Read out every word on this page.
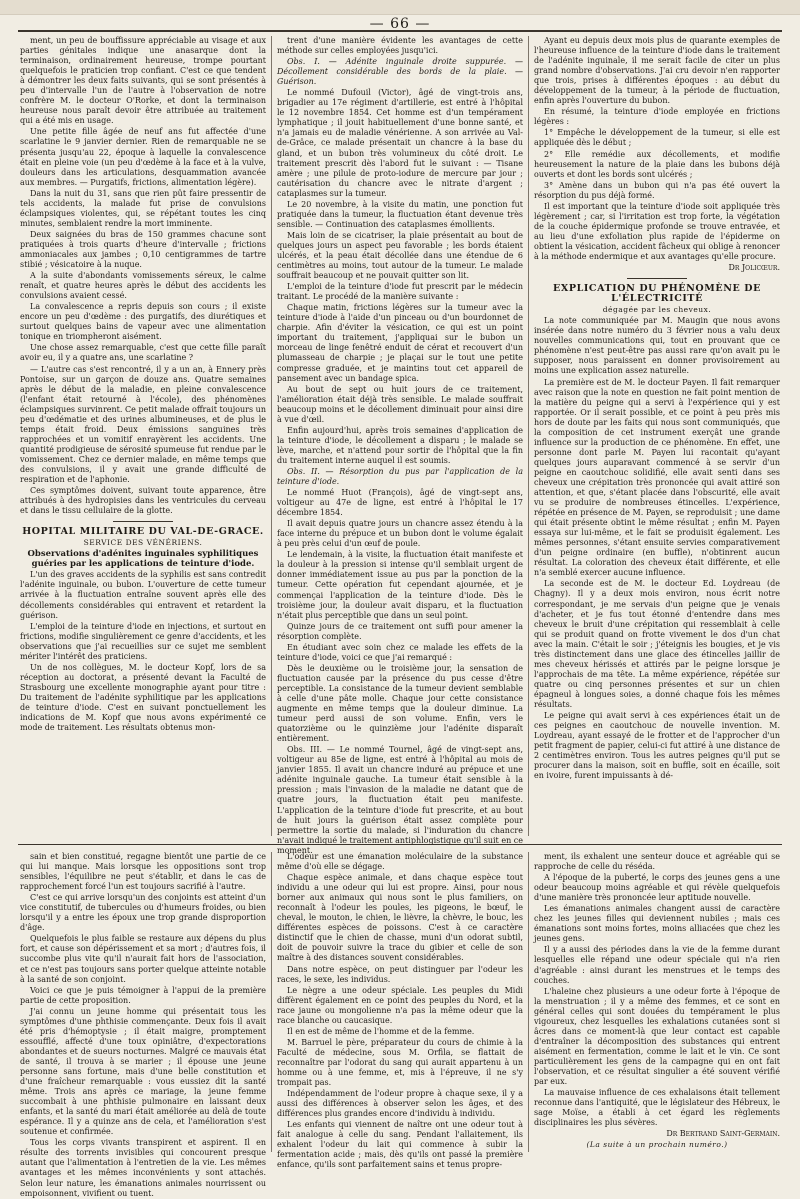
— 66 —

ment, un peu de bouffissure appréciable au visage et aux parties génitales indique une anasarque dont la terminaison, ordinairement heureuse, trompe pourtant quelquefois le praticien trop confiant. C'est ce que tendent à démontrer les deux faits suivants, qui se sont présentés à peu d'intervalle l'un de l'autre à l'observation de notre confrère M. le docteur O'Rorke, et dont la terminaison heureuse nous paraît devoir être attribuée au traitement qui a été mis en usage.

Une petite fille âgée de neuf ans fut affectée d'une scarlatine le 9 janvier dernier. Rien de remarquable ne se présenta jusqu'au 22, époque à laquelle la convalescence était en pleine voie (un peu d'œdème à la face et à la vulve, douleurs dans les articulations, desquammation avancée aux membres. — Purgatifs, frictions, alimentation légère).

Dans la nuit du 31, sans que rien pût faire pressentir de tels accidents, la malade fut prise de convulsions éclampsiques violentes, qui, se répétant toutes les cinq minutes, semblaient rendre la mort imminente.

Deux saignées du bras de 150 grammes chacune sont pratiquées à trois quarts d'heure d'intervalle ; frictions ammoniacales aux jambes ; 0,10 centigrammes de tartre stibié ; vésicatoire à la nuque.

A la suite d'abondants vomissements séreux, le calme renaît, et quatre heures après le début des accidents les convulsions avaient cessé.

La convalescence a repris depuis son cours ; il existe encore un peu d'œdème : des purgatifs, des diurétiques et surtout quelques bains de vapeur avec une alimentation tonique en triompheront aisément.

Une chose assez remarquable, c'est que cette fille paraît avoir eu, il y a quatre ans, une scarlatine ?

— L'autre cas s'est rencontré, il y a un an, à Ennery près Pontoise, sur un garçon de douze ans. Quatre semaines après le début de la maladie, en pleine convalescence (l'enfant était retourné à l'école), des phénomènes éclampsiques survinrent. Ce petit malade offrait toujours un peu d'œdématie et des urines albumineuses, et de plus le temps était froid. Deux émissions sanguines très rapprochées et un vomitif enrayèrent les accidents. Une quantité prodigieuse de sérosité spumeuse fut rendue par le vomissement. Chez ce dernier malade, en même temps que des convulsions, il y avait une grande difficulté de respiration et de l'aphonie.

Ces symptômes doivent, suivant toute apparence, être attribués à des hydropisies dans les ventricules du cerveau et dans le tissu cellulaire de la glotte.

HOPITAL MILITAIRE DU VAL-DE-GRACE.

SERVICE DES VÉNÉRIENS.

Observations d'adénites inguinales syphilitiques guéries par les applications de teinture d'iode.

L'un des graves accidents de la syphilis est sans contredit l'adénite inguinale, ou bubon. L'ouverture de cette tumeur arrivée à la fluctuation entraîne souvent après elle des décollements considérables qui entravent et retardent la guérison.

L'emploi de la teinture d'iode en injections, et surtout en frictions, modifie singulièrement ce genre d'accidents, et les observations que j'ai recueillies sur ce sujet me semblent mériter l'intérêt des praticiens.

Un de nos collègues, M. le docteur Kopf, lors de sa réception au doctorat, a présenté devant la Faculté de Strasbourg une excellente monographie ayant pour titre : Du traitement de l'adénite syphilitique par les applications de teinture d'iode. C'est en suivant ponctuellement les indications de M. Kopf que nous avons expérimenté ce mode de traitement. Les résultats obtenus mon-

trent d'une manière évidente les avantages de cette méthode sur celles employées jusqu'ici.

Obs. I. — Adénite inguinale droite suppurée. — Décollement considérable des bords de la plaie. — Guérison.

Le nommé Dufouil (Victor), âgé de vingt-trois ans, brigadier au 17e régiment d'artillerie, est entré à l'hôpital le 12 novembre 1854. Cet homme est d'un tempérament lymphatique ; il jouit habituellement d'une bonne santé, et n'a jamais eu de maladie vénérienne. A son arrivée au Val-de-Grâce, ce malade présentait un chancre à la base du gland, et un bubon très volumineux du côté droit. Le traitement prescrit dès l'abord fut le suivant : — Tisane amère ; une pilule de proto-iodure de mercure par jour ; cautérisation du chancre avec le nitrate d'argent ; cataplasmes sur la tumeur.

Le 20 novembre, à la visite du matin, une ponction fut pratiquée dans la tumeur, la fluctuation étant devenue très sensible. — Continuation des cataplasmes émollients.

Mais loin de se cicatriser, la plaie présentait au bout de quelques jours un aspect peu favorable ; les bords étaient ulcérés, et la peau était décollée dans une étendue de 6 centimètres au moins, tout autour de la tumeur. Le malade souffrait beaucoup et ne pouvait quitter son lit.

L'emploi de la teinture d'iode fut prescrit par le médecin traitant. Le procédé de la manière suivante :

Chaque matin, frictions légères sur la tumeur avec la teinture d'iode à l'aide d'un pinceau ou d'un bourdonnet de charpie. Afin d'éviter la vésication, ce qui est un point important du traitement, j'appliquai sur le bubon un morceau de linge fenêtré enduit de cérat et recouvert d'un plumasseau de charpie ; je plaçai sur le tout une petite compresse graduée, et je maintins tout cet appareil de pansement avec un bandage spica.

Au bout de sept ou huit jours de ce traitement, l'amélioration était déjà très sensible. Le malade souffrait beaucoup moins et le décollement diminuait pour ainsi dire à vue d'œil.

Enfin aujourd'hui, après trois semaines d'application de la teinture d'iode, le décollement a disparu ; le malade se lève, marche, et n'attend pour sortir de l'hôpital que la fin du traitement interne auquel il est soumis.

Obs. II. — Résorption du pus par l'application de la teinture d'iode.

Le nommé Huot (François), âgé de vingt-sept ans, voltigeur au 47e de ligne, est entré à l'hôpital le 17 décembre 1854.

Il avait depuis quatre jours un chancre assez étendu à la face interne du prépuce et un bubon dont le volume égalait à peu près celui d'un œuf de poule.

Le lendemain, à la visite, la fluctuation était manifeste et la douleur à la pression si intense qu'il semblait urgent de donner immédiatement issue au pus par la ponction de la tumeur. Cette opération fut cependant ajournée, et je commençai l'application de la teinture d'iode. Dès le troisième jour, la douleur avait disparu, et la fluctuation n'était plus perceptible que dans un seul point.

Quinze jours de ce traitement ont suffi pour amener la résorption complète.

En étudiant avec soin chez ce malade les effets de la teinture d'iode, voici ce que j'ai remarqué :

Dès le deuxième ou le troisième jour, la sensation de fluctuation causée par la présence du pus cesse d'être perceptible. La consistance de la tumeur devient semblable à celle d'une pâte molle. Chaque jour cette consistance augmente en même temps que la douleur diminue. La tumeur perd aussi de son volume. Enfin, vers le quatorzième ou le quinzième jour l'adénite disparaît entièrement.

Obs. III. — Le nommé Tournel, âgé de vingt-sept ans, voltigeur au 85e de ligne, est entré à l'hôpital au mois de janvier 1855. Il avait un chancre induré au prépuce et une adénite inguinale gauche. La tumeur était sensible à la pression ; mais l'invasion de la maladie ne datant que de quatre jours, la fluctuation était peu manifeste. L'application de la teinture d'iode fut prescrite, et au bout de huit jours la guérison était assez complète pour permettre la sortie du malade, si l'induration du chancre n'avait indiqué le traitement antiphlogistique qu'il suit en ce moment.

Ayant eu depuis deux mois plus de quarante exemples de l'heureuse influence de la teinture d'iode dans le traitement de l'adénite inguinale, il me serait facile de citer un plus grand nombre d'observations. J'ai cru devoir n'en rapporter que trois, prises à différentes époques : au début du développement de la tumeur, à la période de fluctuation, enfin après l'ouverture du bubon.

En résumé, la teinture d'iode employée en frictions légères :

1° Empêche le développement de la tumeur, si elle est appliquée dès le début ;

2° Elle remédie aux décollements, et modifie heureusement la nature de la plaie dans les bubons déjà ouverts et dont les bords sont ulcérés ;

3° Amène dans un bubon qui n'a pas été ouvert la résorption du pus déjà formé.

Il est important que la teinture d'iode soit appliquée très légèrement ; car, si l'irritation est trop forte, la végétation de la couche épidermique profonde se trouve entravée, et au lieu d'une exfoliation plus rapide de l'épiderme on obtient la vésication, accident fâcheux qui oblige à renoncer à la méthode endermique et aux avantages qu'elle procure.

Dr Jolicœur.

EXPLICATION DU PHÉNOMÈNE DE L'ÉLECTRICITÉ

dégagée par les cheveux.

La note communiquée par M. Maugin que nous avons insérée dans notre numéro du 3 février nous a valu deux nouvelles communications qui, tout en prouvant que ce phénomène n'est peut-être pas aussi rare qu'on avait pu le supposer, nous paraissent en donner provisoirement au moins une explication assez naturelle.

La première est de M. le docteur Payen. Il fait remarquer avec raison que la note en question ne fait point mention de la matière du peigne qui a servi à l'expérience qui y est rapportée. Or il serait possible, et ce point à peu près mis hors de doute par les faits qui nous sont communiqués, que la composition de cet instrument exerçât une grande influence sur la production de ce phénomène. En effet, une personne dont parle M. Payen lui racontait qu'ayant quelques jours auparavant commencé à se servir d'un peigne en caoutchouc solidifié, elle avait senti dans ses cheveux une crépitation très prononcée qui avait attiré son attention, et que, s'étant placée dans l'obscurité, elle avait vu se produire de nombreuses étincelles. L'expérience, répétée en présence de M. Payen, se reproduisit ; une dame qui était présente obtint le même résultat ; enfin M. Payen essaya sur lui-même, et le fait se produisit également. Les mêmes personnes, s'étant ensuite servies comparativement d'un peigne ordinaire (en buffle), n'obtinrent aucun résultat. La coloration des cheveux était différente, et elle n'a semblé exercer aucune influence.

La seconde est de M. le docteur Ed. Loydreau (de Chagny). Il y a deux mois environ, nous écrit notre correspondant, je me servais d'un peigne que je venais d'acheter, et je fus tout étonné d'entendre dans mes cheveux le bruit d'une crépitation qui ressemblait à celle qui se produit quand on frotte vivement le dos d'un chat avec la main. C'était le soir ; j'éteignis les bougies, et je vis très distinctement dans une glace des étincelles jaillir de mes cheveux hérissés et attirés par le peigne lorsque je l'approchais de ma tête. La même expérience, répétée sur quatre ou cinq personnes présentes et sur un chien épagneul à longues soies, a donné chaque fois les mêmes résultats.

Le peigne qui avait servi à ces expériences était un de ces peignes en caoutchouc de nouvelle invention. M. Loydreau, ayant essayé de le frotter et de l'approcher d'un petit fragment de papier, celui-ci fut attiré à une distance de 2 centimètres environ. Tous les autres peignes qu'il put se procurer dans la maison, soit en buffle, soit en écaille, soit en ivoire, furent impuissants à dé-

sain et bien constitué, regagne bientôt une partie de ce qui lui manque. Mais lorsque les oppositions sont trop sensibles, l'équilibre ne peut s'établir, et dans le cas de rapprochement forcé l'un est toujours sacrifié à l'autre.

C'est ce qui arrive lorsqu'un des conjoints est atteint d'un vice constitutif, de tubercules ou d'humeurs froides, ou bien lorsqu'il y a entre les époux une trop grande disproportion d'âge.

Quelquefois le plus faible se restaure aux dépens du plus fort, et cause son dépérissement et sa mort ; d'autres fois, il succombe plus vite qu'il n'aurait fait hors de l'association, et ce n'est pas toujours sans porter quelque atteinte notable à la santé de son conjoint.

Voici ce que je puis témoigner à l'appui de la première partie de cette proposition.

J'ai connu un jeune homme qui présentait tous les symptômes d'une phthisie commençante. Deux fois il avait été pris d'hémoptysie ; il était maigre, promptement essoufflé, affecté d'une toux opiniâtre, d'expectorations abondantes et de sueurs nocturnes. Malgré ce mauvais état de santé, il trouva à se marier ; il épouse une jeune personne sans fortune, mais d'une belle constitution et d'une fraîcheur remarquable : vous eussiez dit la santé même. Trois ans après ce mariage, la jeune femme succombait à une phthisie pulmonaire en laissant deux enfants, et la santé du mari était améliorée au delà de toute espérance. Il y a quinze ans de cela, et l'amélioration s'est soutenue et confirmée.

Tous les corps vivants transpirent et aspirent. Il en résulte des torrents invisibles qui concourent presque autant que l'alimentation à l'entretien de la vie. Les mêmes avantages et les mêmes inconvénients y sont attachés. Selon leur nature, les émanations animales nourrissent ou empoisonnent, vivifient ou tuent.

L'odeur est une émanation moléculaire de la substance même d'où elle se dégage.

Chaque espèce animale, et dans chaque espèce tout individu a une odeur qui lui est propre. Ainsi, pour nous borner aux animaux qui nous sont le plus familiers, on reconnaît à l'odeur les poules, les pigeons, le bœuf, le cheval, le mouton, le chien, le lièvre, la chèvre, le bouc, les différentes espèces de poissons. C'est à ce caractère distinctif que le chien de chasse, muni d'un odorat subtil, doit de pouvoir suivre la trace du gibier et celle de son maître à des distances souvent considérables.

Dans notre espèce, on peut distinguer par l'odeur les races, le sexe, les individus.

Le nègre a une odeur spéciale. Les peuples du Midi diffèrent également en ce point des peuples du Nord, et la race jaune ou mongolienne n'a pas la même odeur que la race blanche ou caucasique.

Il en est de même de l'homme et de la femme.

M. Barruel le père, préparateur du cours de chimie à la Faculté de médecine, sous M. Orfila, se flattait de reconnaître par l'odorat du sang qui aurait appartenu à un homme ou à une femme, et, mis à l'épreuve, il ne s'y trompait pas.

Indépendamment de l'odeur propre à chaque sexe, il y a aussi des différences à observer selon les âges, et des différences plus grandes encore d'individu à individu.

Les enfants qui viennent de naître ont une odeur tout à fait analogue à celle du sang. Pendant l'allaitement, ils exhalent l'odeur du lait qui commence à subir la fermentation acide ; mais, dès qu'ils ont passé la première enfance, qu'ils sont parfaitement sains et tenus propre-

ment, ils exhalent une senteur douce et agréable qui se rapproche de celle du réséda.

A l'époque de la puberté, le corps des jeunes gens a une odeur beaucoup moins agréable et qui révèle quelquefois d'une manière très prononcée leur aptitude nouvelle.

Les émanations animales changent aussi de caractère chez les jeunes filles qui deviennent nubiles ; mais ces émanations sont moins fortes, moins alliacées que chez les jeunes gens.

Il y a aussi des périodes dans la vie de la femme durant lesquelles elle répand une odeur spéciale qui n'a rien d'agréable : ainsi durant les menstrues et le temps des couches.

L'haleine chez plusieurs a une odeur forte à l'époque de la menstruation ; il y a même des femmes, et ce sont en général celles qui sont douées du tempérament le plus vigoureux, chez lesquelles les exhalations cutanées sont si âcres dans ce moment-là que leur contact est capable d'entraîner la décomposition des substances qui entrent aisément en fermentation, comme le lait et le vin. Ce sont particulièrement les gens de la campagne qui en ont fait l'observation, et ce résultat singulier a été souvent vérifié par eux.

La mauvaise influence de ces exhalaisons était tellement reconnue dans l'antiquité, que le législateur des Hébreux, le sage Moïse, a établi à cet égard les règlements disciplinaires les plus sévères.

Dr Bertrand Saint-Germain.

(La suite à un prochain numéro.)
